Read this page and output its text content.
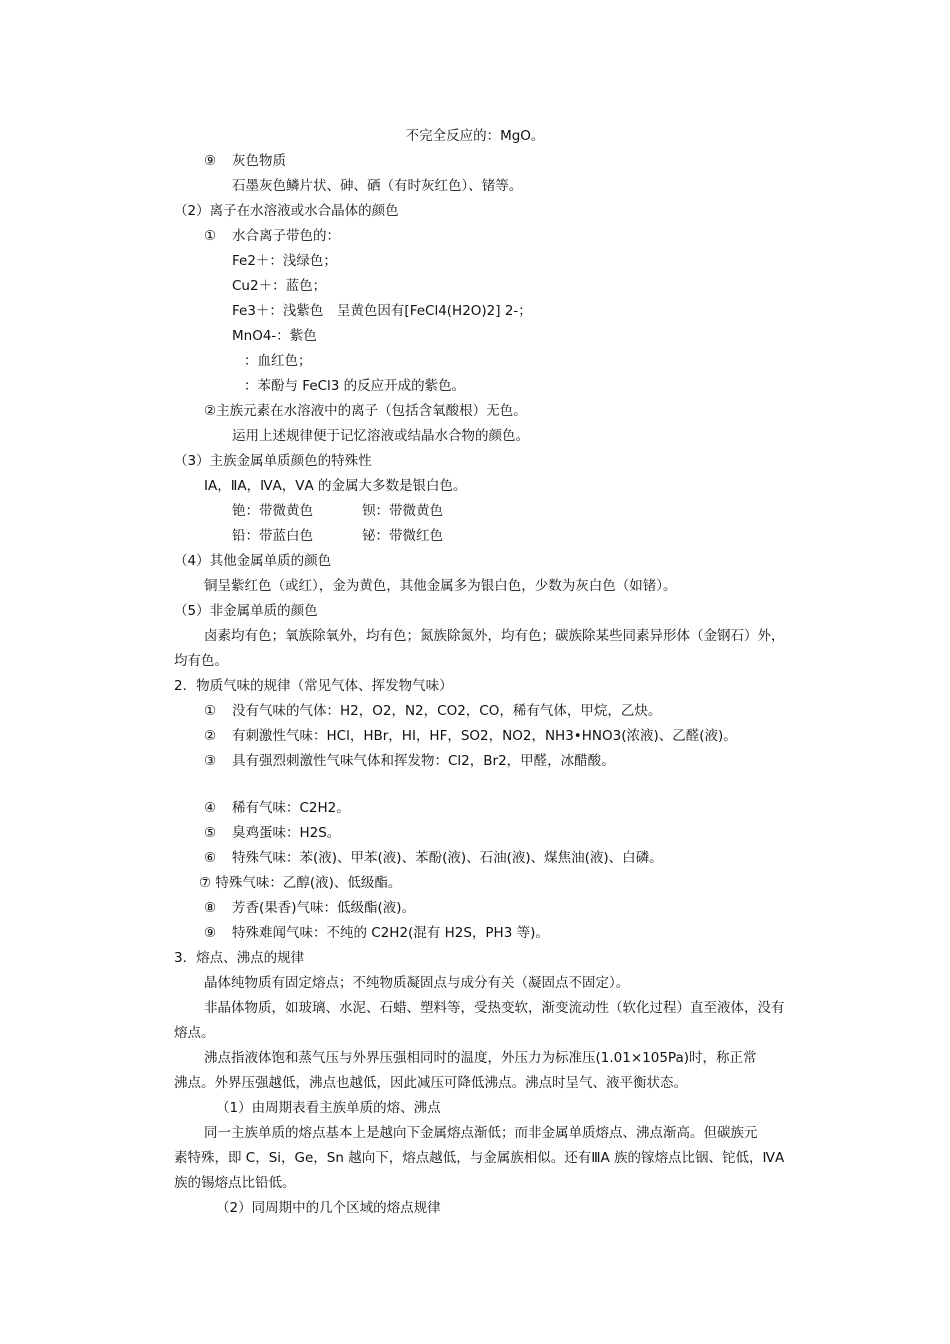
不完全反应的：MgO。
⑨ 灰色物质
石墨灰色鳞片状、砷、硒（有时灰红色）、锗等。
（2）离子在水溶液或水合晶体的颜色
① 水合离子带色的：
Fe2＋：浅绿色；
Cu2＋：蓝色；
Fe3＋：浅紫色　呈黄色因有[FeCl4(H2O)2] 2-；
MnO4-：紫色
：血红色；
：苯酚与 FeCl3 的反应开成的紫色。
②主族元素在水溶液中的离子（包括含氧酸根）无色。
运用上述规律便于记忆溶液或结晶水合物的颜色。
（3）主族金属单质颜色的特殊性
ⅠA，ⅡA，ⅣA，ⅤA 的金属大多数是银白色。
铯：带微黄色	钡：带微黄色
铅：带蓝白色	铋：带微红色
（4）其他金属单质的颜色
铜呈紫红色（或红），金为黄色，其他金属多为银白色，少数为灰白色（如锗）。
（5）非金属单质的颜色
卤素均有色；氧族除氧外，均有色；氮族除氮外，均有色；碳族除某些同素异形体（金钢石）外，
均有色。
2．物质气味的规律（常见气体、挥发物气味）
① 没有气味的气体：H2，O2，N2，CO2，CO，稀有气体，甲烷，乙炔。
② 有刺激性气味：HCl，HBr，HI，HF，SO2，NO2，NH3•HNO3(浓液)、乙醛(液)。
③ 具有强烈刺激性气味气体和挥发物：Cl2，Br2，甲醛，冰醋酸。
④ 稀有气味：C2H2。
⑤ 臭鸡蛋味：H2S。
⑥ 特殊气味：苯(液)、甲苯(液)、苯酚(液)、石油(液)、煤焦油(液)、白磷。
⑦ 特殊气味：乙醇(液)、低级酯。
⑧ 芳香(果香)气味：低级酯(液)。
⑨ 特殊难闻气味：不纯的 C2H2(混有 H2S，PH3 等)。
3．熔点、沸点的规律
晶体纯物质有固定熔点；不纯物质凝固点与成分有关（凝固点不固定）。
非晶体物质，如玻璃、水泥、石蜡、塑料等，受热变软，渐变流动性（软化过程）直至液体，没有
熔点。
沸点指液体饱和蒸气压与外界压强相同时的温度，外压力为标准压(1.01×105Pa)时，称正常
沸点。外界压强越低，沸点也越低，因此减压可降低沸点。沸点时呈气、液平衡状态。
（1）由周期表看主族单质的熔、沸点
同一主族单质的熔点基本上是越向下金属熔点渐低；而非金属单质熔点、沸点渐高。但碳族元
素特殊，即 C，Si，Ge，Sn 越向下，熔点越低，与金属族相似。还有ⅢA 族的镓熔点比铟、铊低，ⅣA
族的锡熔点比铅低。
（2）同周期中的几个区域的熔点规律
